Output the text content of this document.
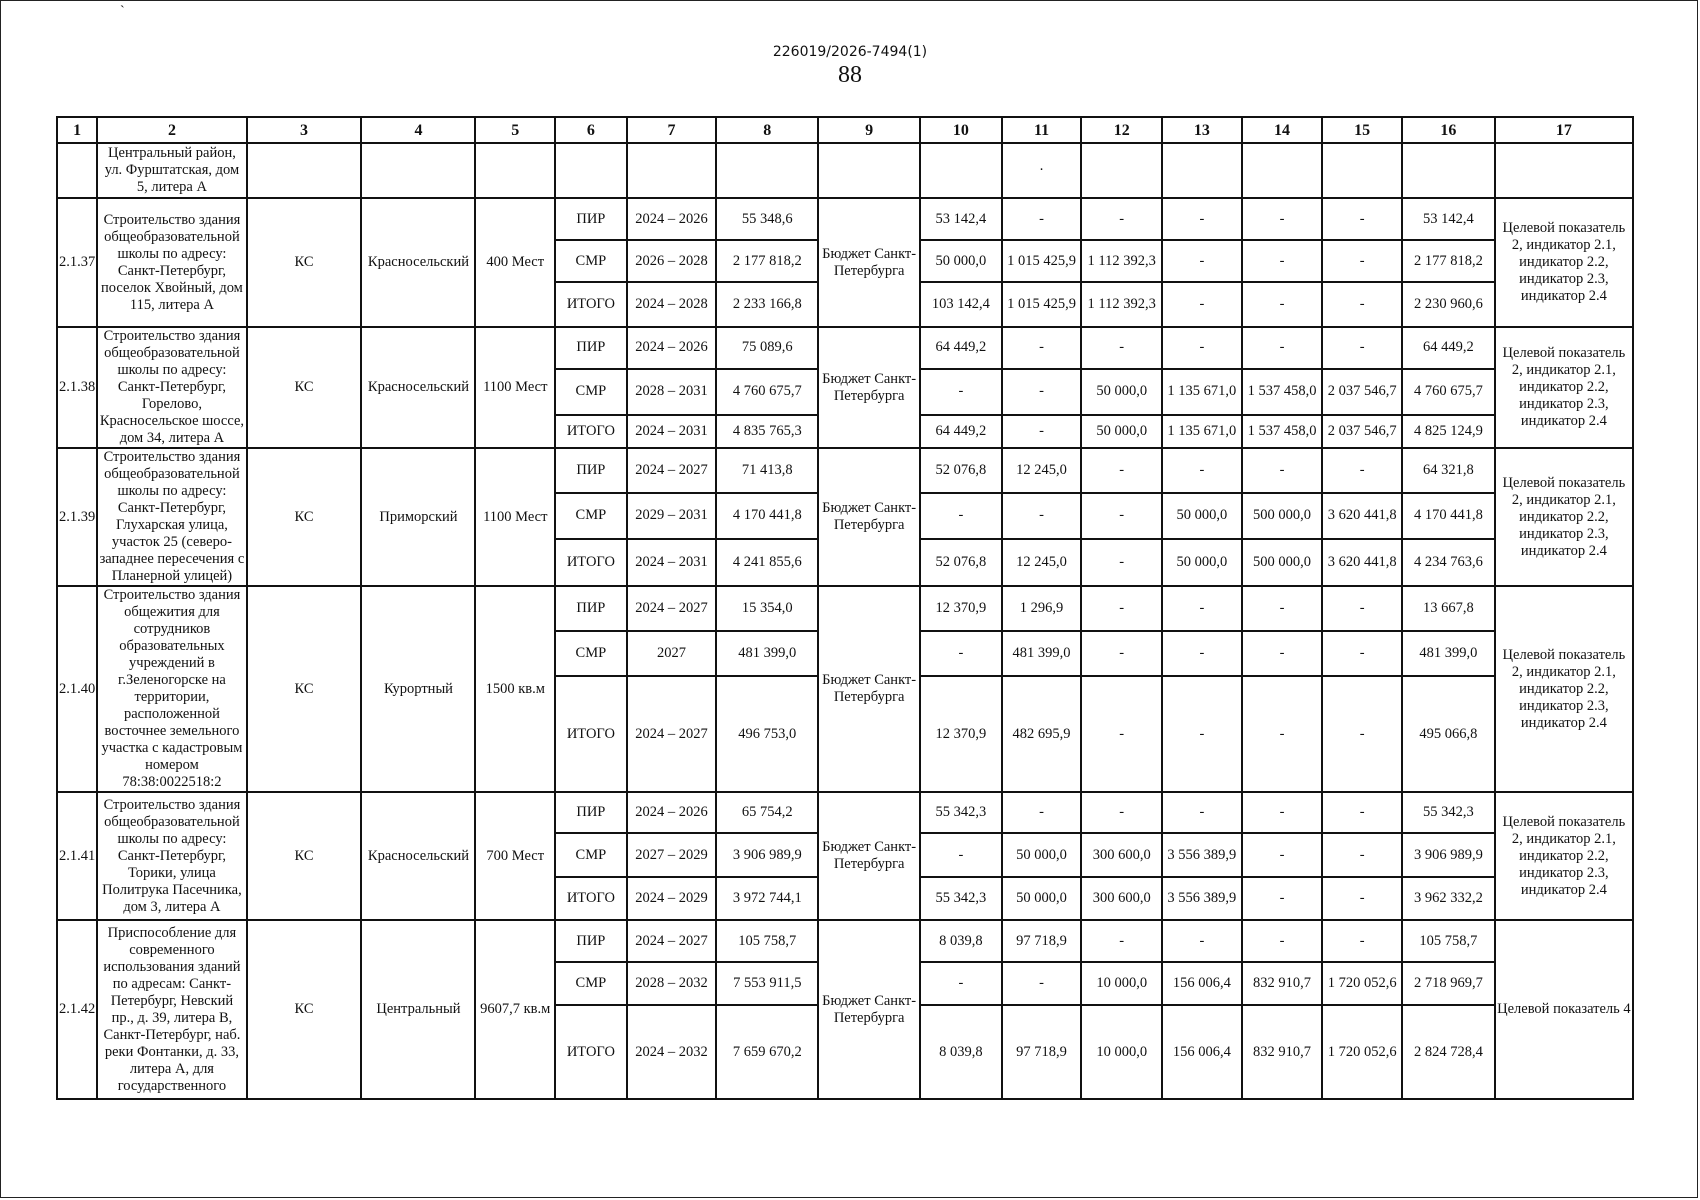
`
226019/2026-7494(1)
88
1	2	3	4	5	6	7	8	9	10	11	12	13	14	15	16	17
	Центральный район, ул. Фурштатская, дом 5, литера А									·						
2.1.37	Строительство здания общеобразовательной школы по адресу: Санкт-Петербург, поселок Хвойный, дом 115, литера А	КС	Красносельский	400 Мест	ПИР	2024 – 2026	55 348,6	Бюджет Санкт-Петербурга	53 142,4	-	-	-	-	-	53 142,4	Целевой показатель 2, индикатор 2.1, индикатор 2.2, индикатор 2.3, индикатор 2.4
					СМР	2026 – 2028	2 177 818,2		50 000,0	1 015 425,9	1 112 392,3	-	-	-	2 177 818,2	
					ИТОГО	2024 – 2028	2 233 166,8		103 142,4	1 015 425,9	1 112 392,3	-	-	-	2 230 960,6	
2.1.38	Строительство здания общеобразовательной школы по адресу: Санкт-Петербург, Горелово, Красносельское шоссе, дом 34, литера А	КС	Красносельский	1100 Мест	ПИР	2024 – 2026	75 089,6	Бюджет Санкт-Петербурга	64 449,2	-	-	-	-	-	64 449,2	Целевой показатель 2, индикатор 2.1, индикатор 2.2, индикатор 2.3, индикатор 2.4
					СМР	2028 – 2031	4 760 675,7		-	-	50 000,0	1 135 671,0	1 537 458,0	2 037 546,7	4 760 675,7	
					ИТОГО	2024 – 2031	4 835 765,3		64 449,2	-	50 000,0	1 135 671,0	1 537 458,0	2 037 546,7	4 825 124,9	
2.1.39	Строительство здания общеобразовательной школы по адресу: Санкт-Петербург, Глухарская улица, участок 25 (северо-западнее пересечения с Планерной улицей)	КС	Приморский	1100 Мест	ПИР	2024 – 2027	71 413,8	Бюджет Санкт-Петербурга	52 076,8	12 245,0	-	-	-	-	64 321,8	Целевой показатель 2, индикатор 2.1, индикатор 2.2, индикатор 2.3, индикатор 2.4
					СМР	2029 – 2031	4 170 441,8		-	-	-	50 000,0	500 000,0	3 620 441,8	4 170 441,8	
					ИТОГО	2024 – 2031	4 241 855,6		52 076,8	12 245,0	-	50 000,0	500 000,0	3 620 441,8	4 234 763,6	
2.1.40	Строительство здания общежития для сотрудников образовательных учреждений в г.Зеленогорске на территории, расположенной восточнее земельного участка с кадастровым номером 78:38:0022518:2	КС	Курортный	1500 кв.м	ПИР	2024 – 2027	15 354,0	Бюджет Санкт-Петербурга	12 370,9	1 296,9	-	-	-	-	13 667,8	Целевой показатель 2, индикатор 2.1, индикатор 2.2, индикатор 2.3, индикатор 2.4
					СМР	2027	481 399,0		-	481 399,0	-	-	-	-	481 399,0	
					ИТОГО	2024 – 2027	496 753,0		12 370,9	482 695,9	-	-	-	-	495 066,8	
2.1.41	Строительство здания общеобразовательной школы по адресу: Санкт-Петербург, Торики, улица Политрука Пасечника, дом 3, литера А	КС	Красносельский	700 Мест	ПИР	2024 – 2026	65 754,2	Бюджет Санкт-Петербурга	55 342,3	-	-	-	-	-	55 342,3	Целевой показатель 2, индикатор 2.1, индикатор 2.2, индикатор 2.3, индикатор 2.4
					СМР	2027 – 2029	3 906 989,9		-	50 000,0	300 600,0	3 556 389,9	-	-	3 906 989,9	
					ИТОГО	2024 – 2029	3 972 744,1		55 342,3	50 000,0	300 600,0	3 556 389,9	-	-	3 962 332,2	
2.1.42	Приспособление для современного использования зданий по адресам: Санкт-Петербург, Невский пр., д. 39, литера В, Санкт-Петербург, наб. реки Фонтанки, д. 33, литера А, для государственного	КС	Центральный	9607,7 кв.м	ПИР	2024 – 2027	105 758,7	Бюджет Санкт-Петербурга	8 039,8	97 718,9	-	-	-	-	105 758,7	Целевой показатель 4
					СМР	2028 – 2032	7 553 911,5		-	-	10 000,0	156 006,4	832 910,7	1 720 052,6	2 718 969,7	
					ИТОГО	2024 – 2032	7 659 670,2		8 039,8	97 718,9	10 000,0	156 006,4	832 910,7	1 720 052,6	2 824 728,4	
